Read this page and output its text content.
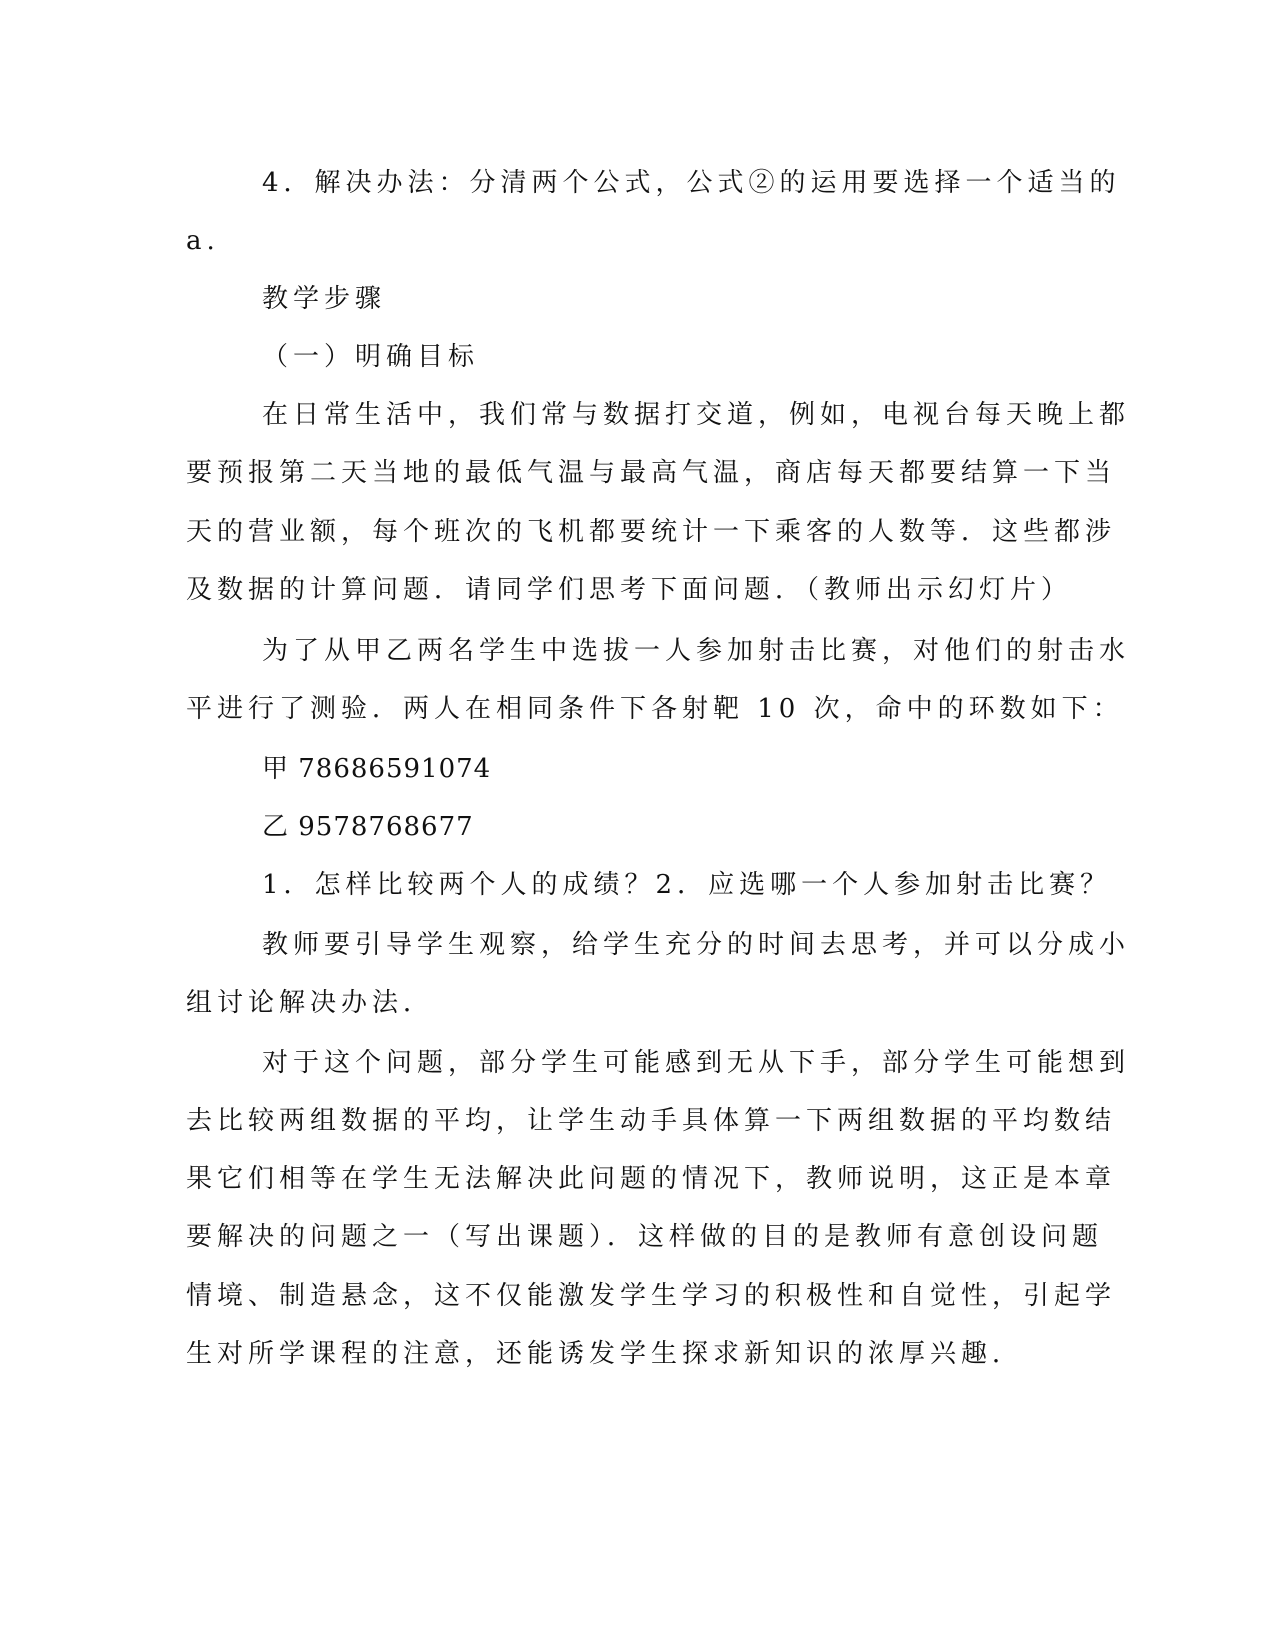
4．解决办法：分清两个公式，公式②的运用要选择一个适当的
a.
教学步骤
（一）明确目标
在日常生活中，我们常与数据打交道，例如，电视台每天晚上都
要预报第二天当地的最低气温与最高气温，商店每天都要结算一下当
天的营业额，每个班次的飞机都要统计一下乘客的人数等．这些都涉
及数据的计算问题．请同学们思考下面问题．（教师出示幻灯片）
为了从甲乙两名学生中选拔一人参加射击比赛，对他们的射击水
平进行了测验．两人在相同条件下各射靶 10 次，命中的环数如下：
甲 78686591074
乙 9578768677
1．怎样比较两个人的成绩？2．应选哪一个人参加射击比赛？
教师要引导学生观察，给学生充分的时间去思考，并可以分成小
组讨论解决办法．
对于这个问题，部分学生可能感到无从下手，部分学生可能想到
去比较两组数据的平均，让学生动手具体算一下两组数据的平均数结
果它们相等在学生无法解决此问题的情况下，教师说明，这正是本章
要解决的问题之一（写出课题）．这样做的目的是教师有意创设问题
情境、制造悬念，这不仅能激发学生学习的积极性和自觉性，引起学
生对所学课程的注意，还能诱发学生探求新知识的浓厚兴趣．
